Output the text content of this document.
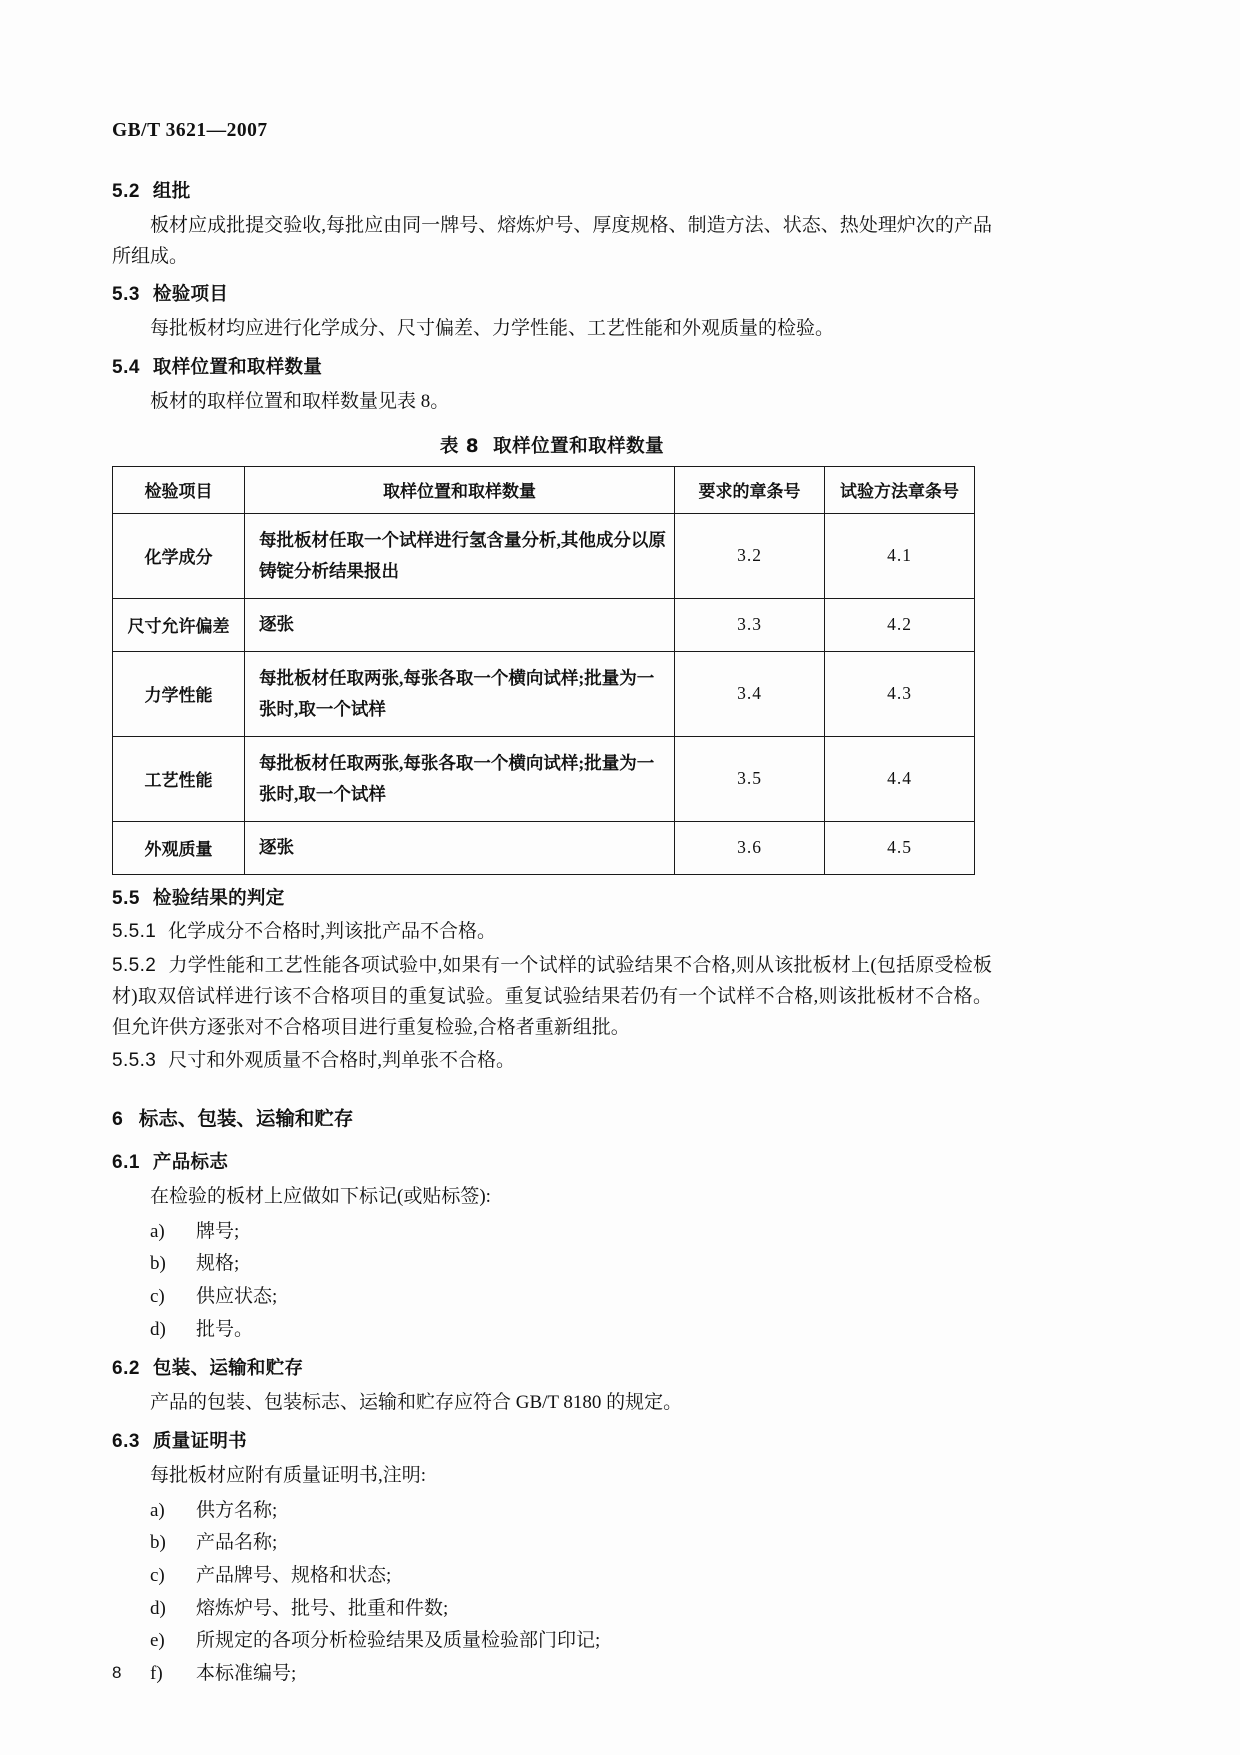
GB/T 3621—2007
5.2 组批

板材应成批提交验收,每批应由同一牌号、熔炼炉号、厚度规格、制造方法、状态、热处理炉次的产品所组成。

5.3 检验项目

每批板材均应进行化学成分、尺寸偏差、力学性能、工艺性能和外观质量的检验。

5.4 取样位置和取样数量

板材的取样位置和取样数量见表 8。

表 8 取样位置和取样数量
检验项目	取样位置和取样数量	要求的章条号	试验方法章条号
化学成分	每批板材任取一个试样进行氢含量分析,其他成分以原铸锭分析结果报出	3.2	4.1
尺寸允许偏差	逐张	3.3	4.2
力学性能	每批板材任取两张,每张各取一个横向试样;批量为一张时,取一个试样	3.4	4.3
工艺性能	每批板材任取两张,每张各取一个横向试样;批量为一张时,取一个试样	3.5	4.4
外观质量	逐张	3.6	4.5
5.5 检验结果的判定

5.5.1 化学成分不合格时,判该批产品不合格。

5.5.2 力学性能和工艺性能各项试验中,如果有一个试样的试验结果不合格,则从该批板材上(包括原受检板材)取双倍试样进行该不合格项目的重复试验。重复试验结果若仍有一个试样不合格,则该批板材不合格。但允许供方逐张对不合格项目进行重复检验,合格者重新组批。

5.5.3 尺寸和外观质量不合格时,判单张不合格。

6 标志、包装、运输和贮存
6.1 产品标志

在检验的板材上应做如下标记(或贴标签):

a) 牌号;
b) 规格;
c) 供应状态;
d) 批号。
6.2 包装、运输和贮存

产品的包装、包装标志、运输和贮存应符合 GB/T 8180 的规定。

6.3 质量证明书

每批板材应附有质量证明书,注明:

a) 供方名称;
b) 产品名称;
c) 产品牌号、规格和状态;
d) 熔炼炉号、批号、批重和件数;
e) 所规定的各项分析检验结果及质量检验部门印记;
f) 本标准编号;
8
